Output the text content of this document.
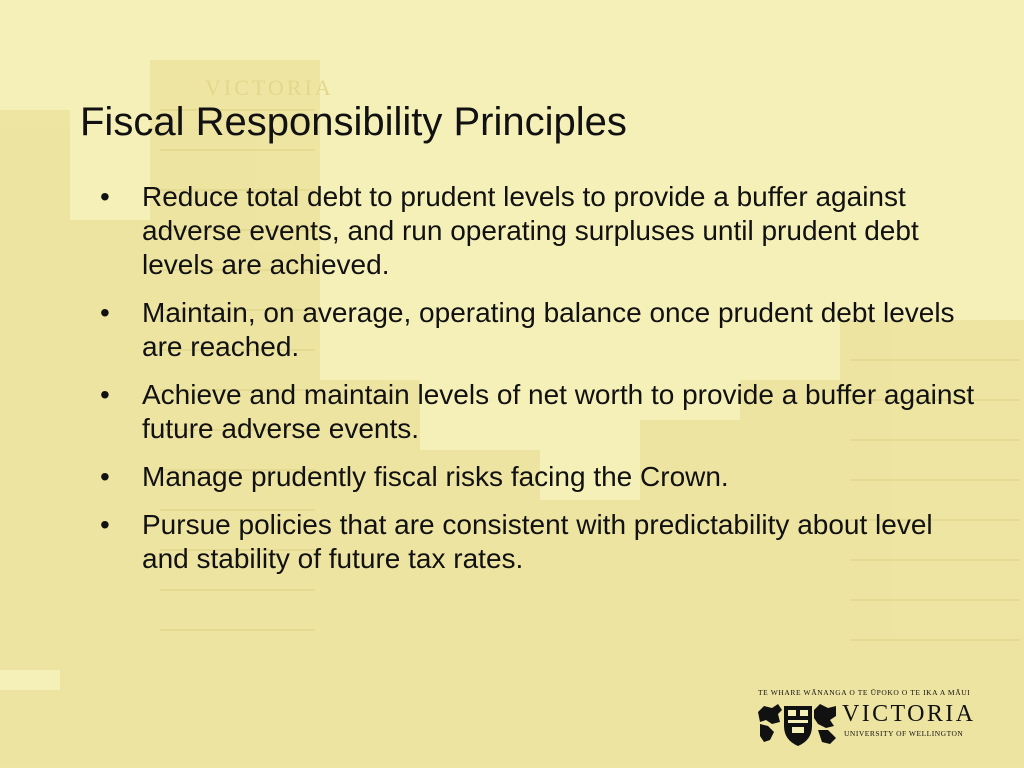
VICTORIA
Fiscal Responsibility Principles
•	Reduce total debt to prudent levels to provide a buffer against adverse events, and run operating surpluses until prudent debt levels are achieved.
•	Maintain, on average, operating balance once prudent debt levels are reached.
•	Achieve and maintain levels of net worth to provide a buffer against future adverse events.
•	Manage prudently fiscal risks facing the Crown.
•	Pursue policies that are consistent with predictability about level and stability of future tax rates.
TE WHARE WĀNANGA O TE ŪPOKO O TE IKA A MĀUI
VICTORIA
UNIVERSITY OF WELLINGTON
